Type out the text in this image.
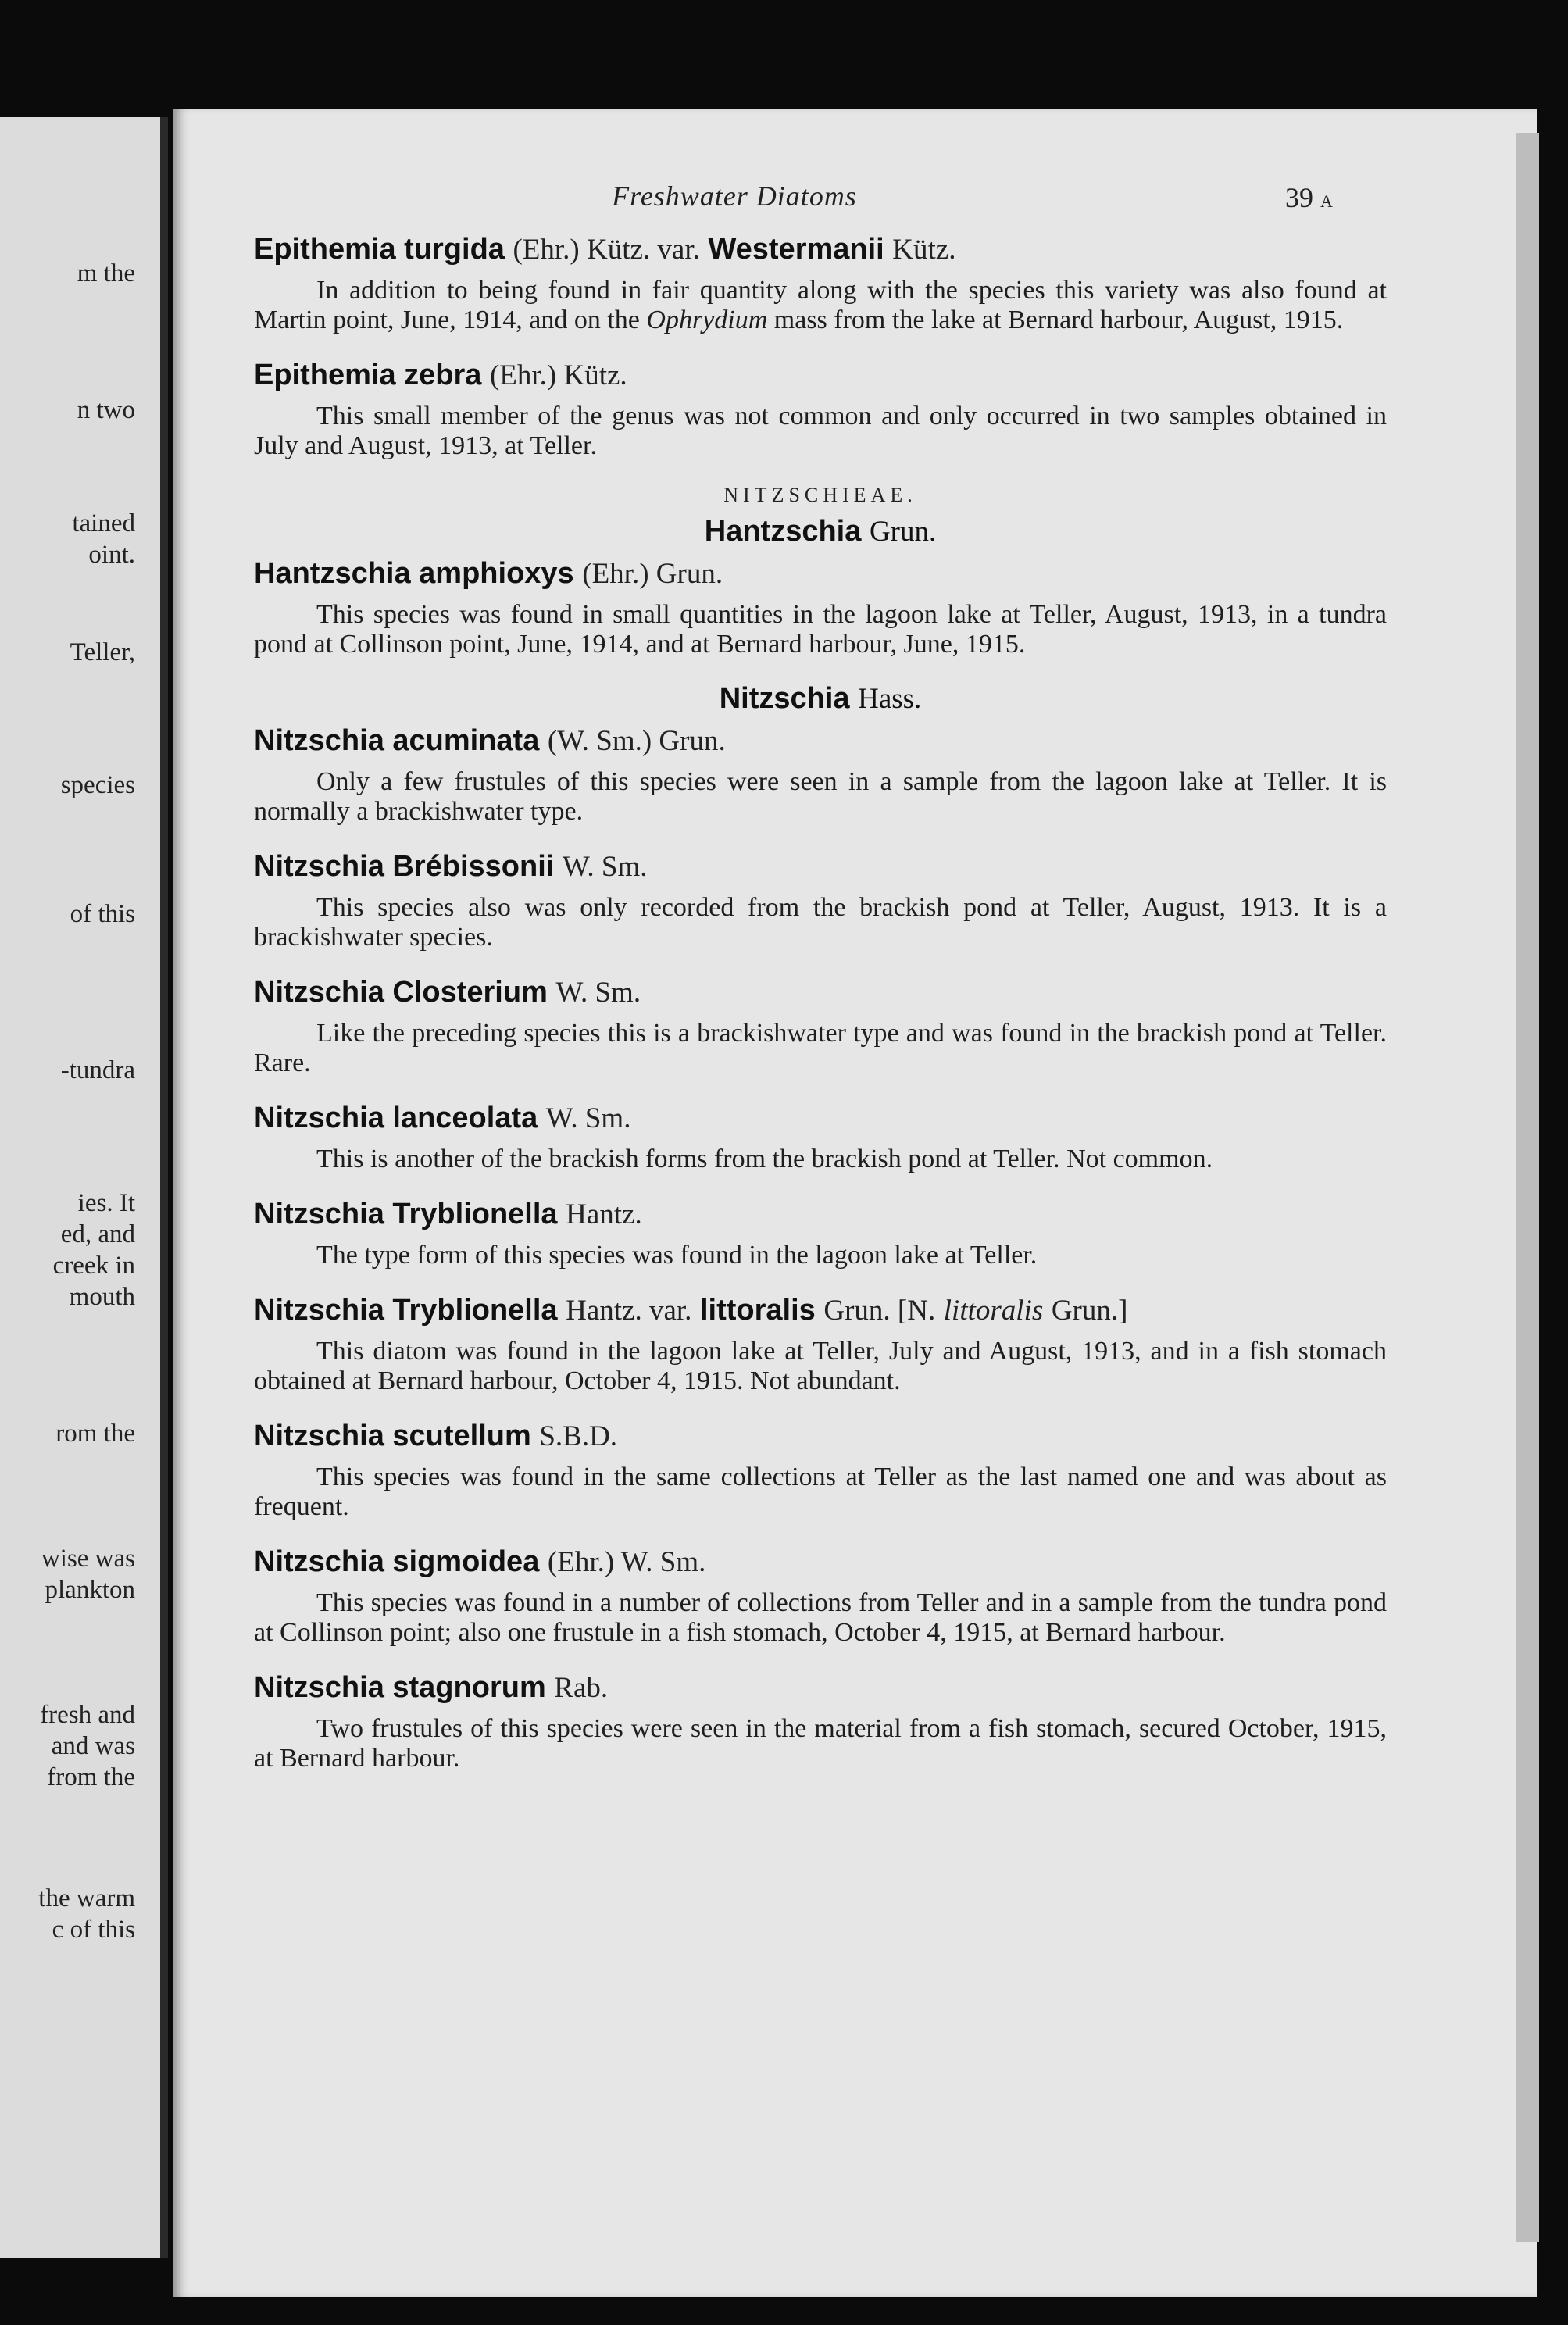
m the
n two
tained
oint.
Teller,
species
of this
-tundra
ies. It
ed, and
creek in
mouth
rom the
wise was
plankton
fresh and
and was
from the
the warm
c of this
Freshwater Diatoms	39 A
Epithemia turgida (Ehr.) Kütz. var. Westermanii Kütz.

In addition to being found in fair quantity along with the species this variety was also found at Martin point, June, 1914, and on the Ophrydium mass from the lake at Bernard harbour, August, 1915.

Epithemia zebra (Ehr.) Kütz.

This small member of the genus was not common and only occurred in two samples obtained in July and August, 1913, at Teller.

NITZSCHIEAE.
Hantzschia Grun.
Hantzschia amphioxys (Ehr.) Grun.

This species was found in small quantities in the lagoon lake at Teller, August, 1913, in a tundra pond at Collinson point, June, 1914, and at Bernard harbour, June, 1915.

Nitzschia Hass.
Nitzschia acuminata (W. Sm.) Grun.

Only a few frustules of this species were seen in a sample from the lagoon lake at Teller. It is normally a brackishwater type.

Nitzschia Brébissonii W. Sm.

This species also was only recorded from the brackish pond at Teller, August, 1913. It is a brackishwater species.

Nitzschia Closterium W. Sm.

Like the preceding species this is a brackishwater type and was found in the brackish pond at Teller. Rare.

Nitzschia lanceolata W. Sm.

This is another of the brackish forms from the brackish pond at Teller. Not common.

Nitzschia Tryblionella Hantz.

The type form of this species was found in the lagoon lake at Teller.

Nitzschia Tryblionella Hantz. var. littoralis Grun. [N. littoralis Grun.]

This diatom was found in the lagoon lake at Teller, July and August, 1913, and in a fish stomach obtained at Bernard harbour, October 4, 1915. Not abundant.

Nitzschia scutellum S.B.D.

This species was found in the same collections at Teller as the last named one and was about as frequent.

Nitzschia sigmoidea (Ehr.) W. Sm.

This species was found in a number of collections from Teller and in a sample from the tundra pond at Collinson point; also one frustule in a fish stomach, October 4, 1915, at Bernard harbour.

Nitzschia stagnorum Rab.

Two frustules of this species were seen in the material from a fish stomach, secured October, 1915, at Bernard harbour.
